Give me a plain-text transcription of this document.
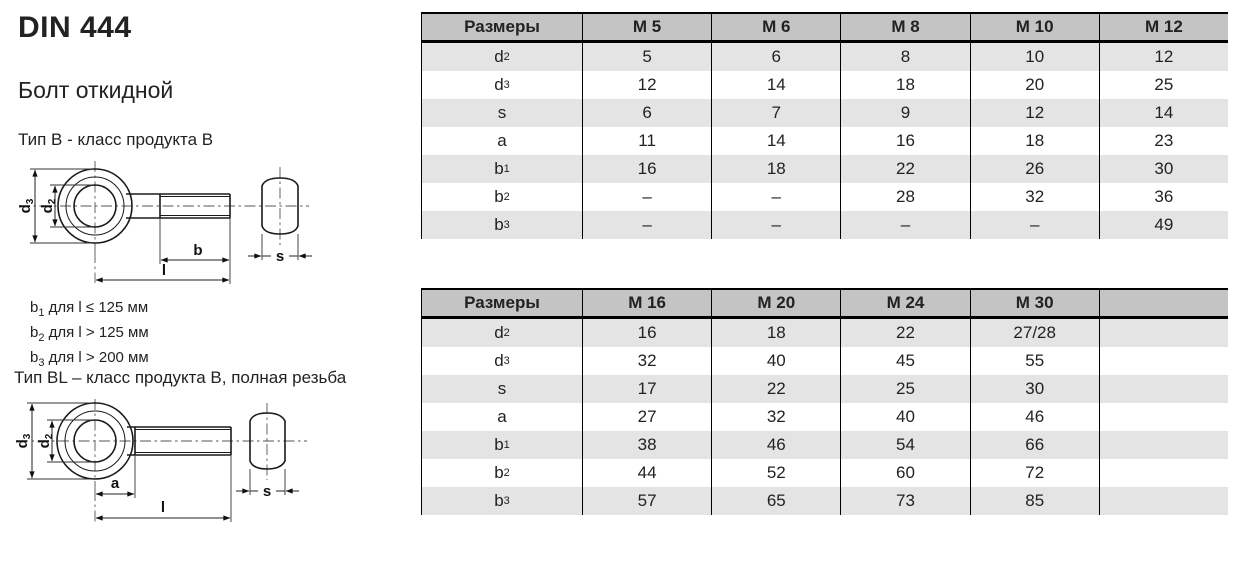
DIN 444
Болт откидной
Тип B - класс продукта B
Тип BL – класс продукта B, полная резьба
$b_1$ для l ≤ 125 мм
$b_2$ для l > 125 мм
$b_3$ для l > 200 мм
$d_3$
$d_2$
b
l
s
$d_3$
$d_2$
a
l
s
Размеры	M 5	M 6	M 8	M 10	M 12
d 2	5	6	8	10	12
d 3	12	14	18	20	25
s	6	7	9	12	14
a	11	14	16	18	23
b 1	16	18	22	26	30
b 2	–	–	28	32	36
b 3	–	–	–	–	49
Размеры	M 16	M 20	M 24	M 30
d 2	16	18	22	27/28
d 3	32	40	45	55
s	17	22	25	30
a	27	32	40	46
b 1	38	46	54	66
b 2	44	52	60	72
b 3	57	65	73	85
